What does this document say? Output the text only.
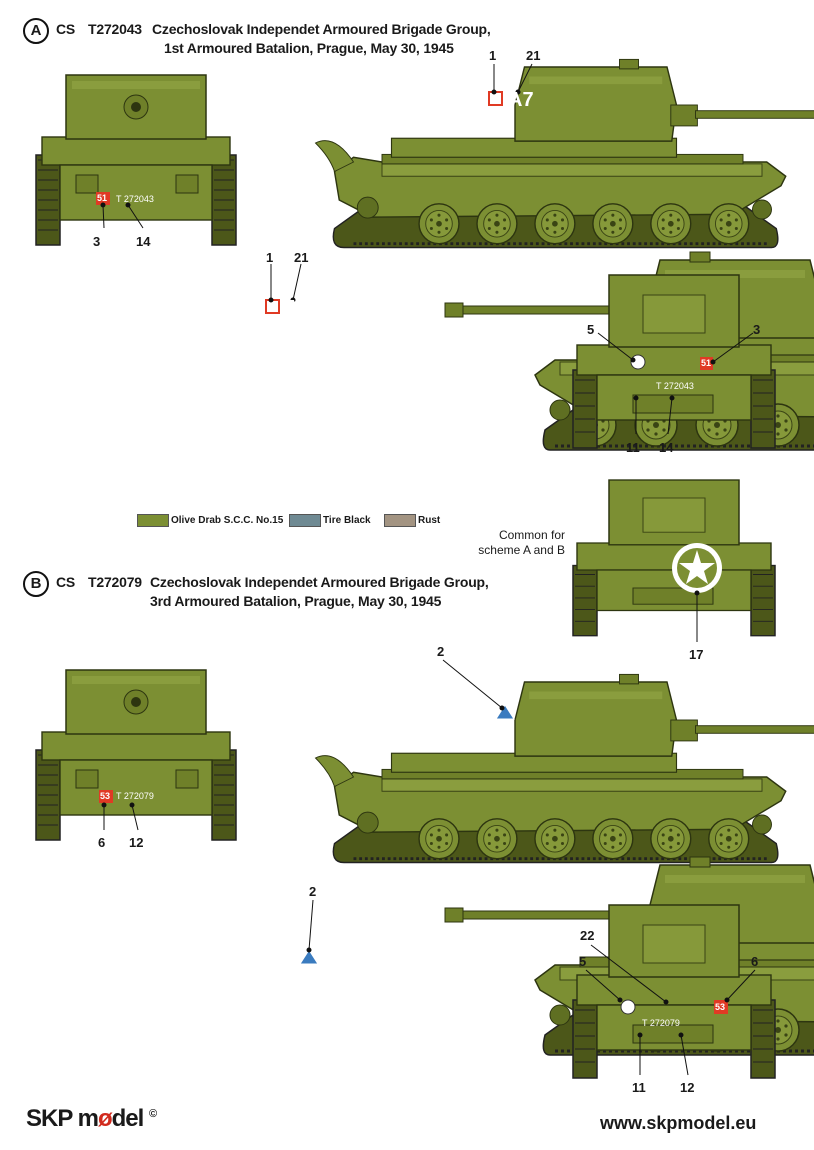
A	CS T272043 Czechoslovak Independet Armoured Brigade Group,
1st Armoured Batalion, Prague, May 30, 1945
A7
A7
51 T 272043
51
T 272043
1 21
3	14
1 21
5	3
11 14
Olive Drab S.C.C. No.15	Tire Black	Rust
Common for
scheme A and B
17
B	CS T272079 Czechoslovak Independet Armoured Brigade Group,
3rd Armoured Batalion, Prague, May 30, 1945
53 T 272079
53
T 272079
2
6 12
2
22
5	6
11	12
SKP mødel ©	www.skpmodel.eu
